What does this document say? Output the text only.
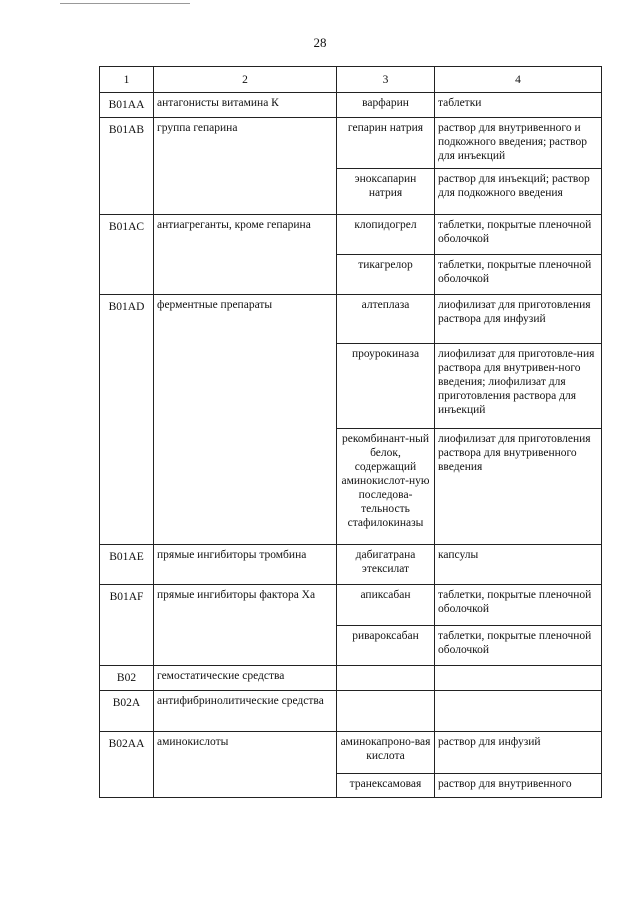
28
1	2	3	4
B01AA	антагонисты витамина К	варфарин	таблетки
B01AB	группа гепарина	гепарин натрия	раствор для внутривенного и подкожного введения; раствор для инъекций
		эноксапарин натрия	раствор для инъекций; раствор для подкожного введения
B01AC	антиагреганты, кроме гепарина	клопидогрел	таблетки, покрытые пленочной оболочкой
		тикагрелор	таблетки, покрытые пленочной оболочкой
B01AD	ферментные препараты	алтеплаза	лиофилизат для приготовления раствора для инфузий
		проурокиназа	лиофилизат для приготовле-ния раствора для внутривен-ного введения; лиофилизат для приготовления раствора для инъекций
		рекомбинант-ный белок, содержащий аминокислот-ную последова-тельность стафилокиназы	лиофилизат для приготовления раствора для внутривенного введения
B01AE	прямые ингибиторы тромбина	дабигатрана этексилат	капсулы
B01AF	прямые ингибиторы фактора Xa	апиксабан	таблетки, покрытые пленочной оболочкой
		ривароксабан	таблетки, покрытые пленочной оболочкой
B02	гемостатические средства		
B02A	антифибринолитические средства		
B02AA	аминокислоты	аминокапроно-вая кислота	раствор для инфузий
		транексамовая	раствор для внутривенного
